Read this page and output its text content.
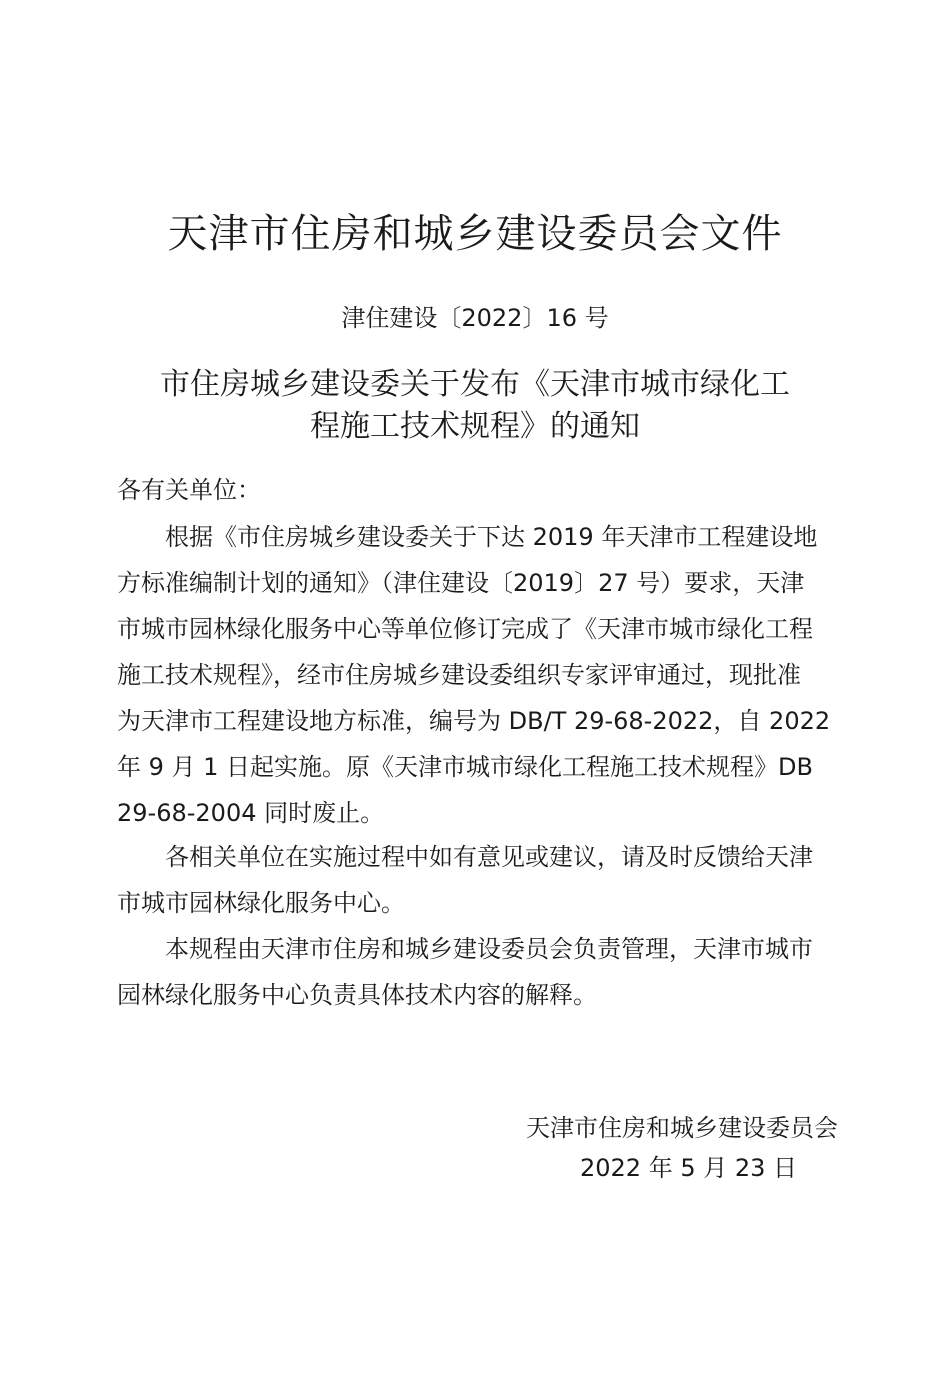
天津市住房和城乡建设委员会文件
津住建设〔2022〕16 号
市住房城乡建设委关于发布《天津市城市绿化工
程施工技术规程》的通知
各有关单位：
根据《市住房城乡建设委关于下达 2019 年天津市工程建设地
方标准编制计划的通知》（津住建设〔2019〕27 号）要求，天津
市城市园林绿化服务中心等单位修订完成了《天津市城市绿化工程
施工技术规程》，经市住房城乡建设委组织专家评审通过，现批准
为天津市工程建设地方标准，编号为 DB/T 29-68-2022，自 2022
年 9 月 1 日起实施。原《天津市城市绿化工程施工技术规程》DB
29-68-2004 同时废止。
各相关单位在实施过程中如有意见或建议，请及时反馈给天津
市城市园林绿化服务中心。
本规程由天津市住房和城乡建设委员会负责管理，天津市城市
园林绿化服务中心负责具体技术内容的解释。
天津市住房和城乡建设委员会
2022 年 5 月 23 日
